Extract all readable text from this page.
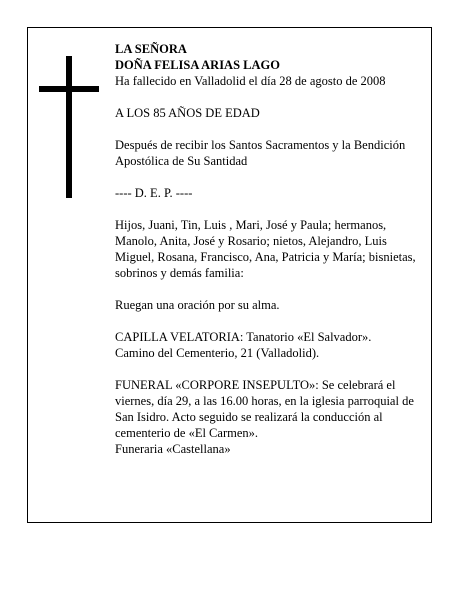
LA SEÑORA

DOÑA FELISA ARIAS LAGO

Ha fallecido en Valladolid el día 28 de agosto de 2008

A LOS 85 AÑOS DE EDAD

Después de recibir los Santos Sacramentos y la Bendición Apostólica de Su Santidad

---- D. E. P. ----

Hijos, Juani, Tin, Luis , Mari, José y Paula; hermanos, Manolo, Anita, José y Rosario; nietos, Alejandro, Luis Miguel, Rosana, Francisco, Ana, Patricia y María; bisnietas, sobrinos y demás familia:

Ruegan una oración por su alma.

CAPILLA VELATORIA: Tanatorio «El Salvador».

Camino del Cementerio, 21 (Valladolid).

FUNERAL «CORPORE INSEPULTO»: Se celebrará el viernes, día 29, a las 16.00 horas, en la iglesia parroquial de San Isidro. Acto seguido se realizará la conducción al cementerio de «El Carmen».

Funeraria «Castellana»
